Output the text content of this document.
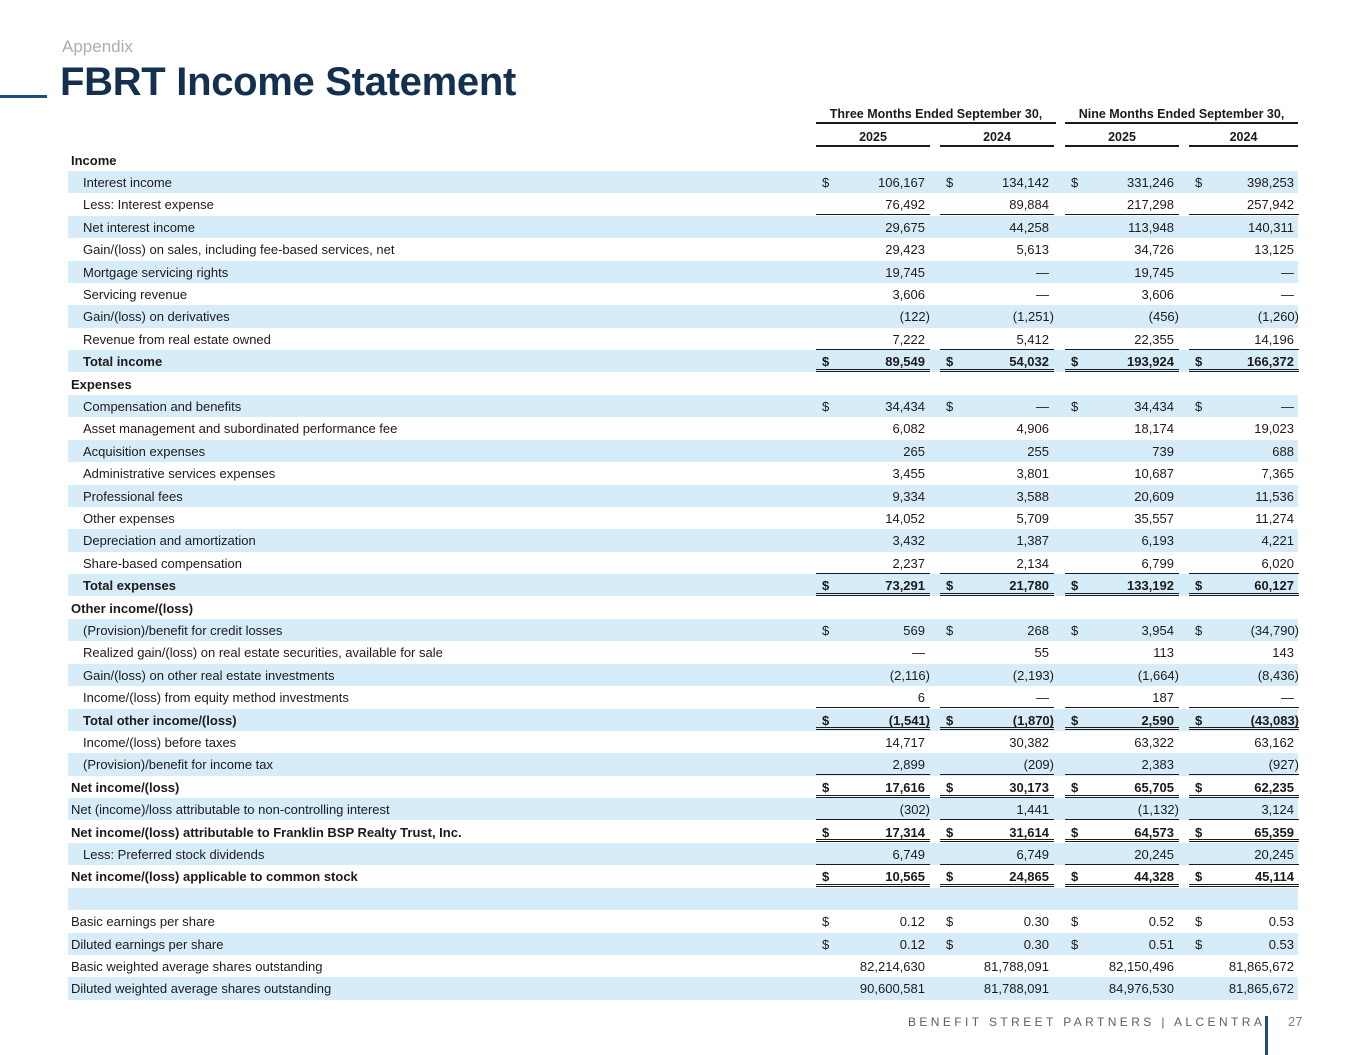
Appendix
FBRT Income Statement
Three Months Ended September 30,	Nine Months Ended September 30,
2025	2024	2025	2024
Income
Interest income	$	106,167 $	134,142 $	331,246 $	398,253
Less: Interest expense	76,492	89,884	217,298	257,942
Net interest income	29,675	44,258	113,948	140,311
Gain/(loss) on sales, including fee-based services, net	29,423	5,613	34,726	13,125
Mortgage servicing rights	19,745	—	19,745	—
Servicing revenue	3,606	—	3,606	—
Gain/(loss) on derivatives	(122)	(1,251)	(456)	(1,260)
Revenue from real estate owned	7,222	5,412	22,355	14,196
Total income	$	89,549 $	54,032 $	193,924 $	166,372
Expenses
Compensation and benefits	$	34,434 $	— $	34,434 $	—
Asset management and subordinated performance fee	6,082	4,906	18,174	19,023
Acquisition expenses	265	255	739	688
Administrative services expenses	3,455	3,801	10,687	7,365
Professional fees	9,334	3,588	20,609	11,536
Other expenses	14,052	5,709	35,557	11,274
Depreciation and amortization	3,432	1,387	6,193	4,221
Share-based compensation	2,237	2,134	6,799	6,020
Total expenses	$	73,291 $	21,780 $	133,192 $	60,127
Other income/(loss)
(Provision)/benefit for credit losses	$	569 $	268 $	3,954 $	(34,790)
Realized gain/(loss) on real estate securities, available for sale	—	55	113	143
Gain/(loss) on other real estate investments	(2,116)	(2,193)	(1,664)	(8,436)
Income/(loss) from equity method investments	6	—	187	—
Total other income/(loss)	$	(1,541) $	(1,870) $	2,590 $	(43,083)
Income/(loss) before taxes	14,717	30,382	63,322	63,162
(Provision)/benefit for income tax	2,899	(209)	2,383	(927)
Net income/(loss)	$	17,616 $	30,173 $	65,705 $	62,235
Net (income)/loss attributable to non-controlling interest	(302)	1,441	(1,132)	3,124
Net income/(loss) attributable to Franklin BSP Realty Trust, Inc.	$	17,314 $	31,614 $	64,573 $	65,359
Less: Preferred stock dividends	6,749	6,749	20,245	20,245
Net income/(loss) applicable to common stock	$	10,565 $	24,865 $	44,328 $	45,114
Basic earnings per share	$	0.12 $	0.30 $	0.52 $	0.53
Diluted earnings per share	$	0.12 $	0.30 $	0.51 $	0.53
Basic weighted average shares outstanding	82,214,630	81,788,091	82,150,496	81,865,672
Diluted weighted average shares outstanding	90,600,581	81,788,091	84,976,530	81,865,672
BENEFIT STREET PARTNERS | ALCENTRA 27
